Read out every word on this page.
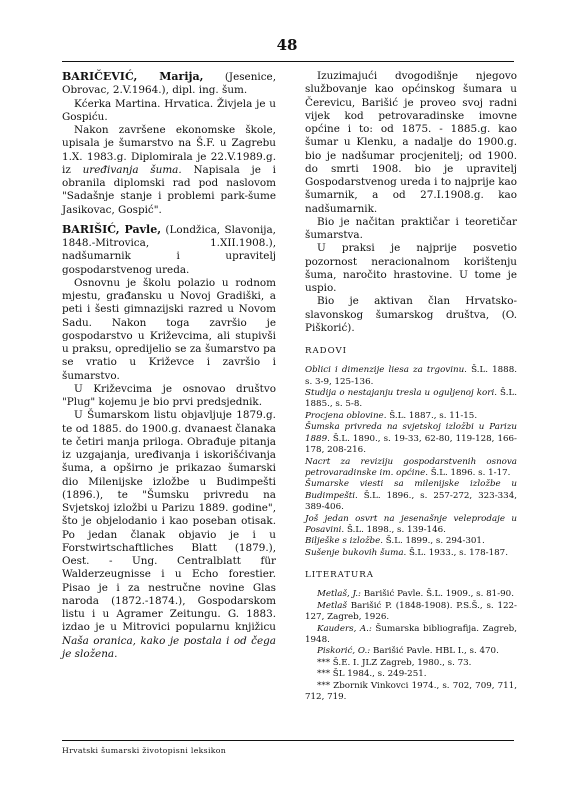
48

BARIČEVIĆ, Marija, (Jesenice, Obrovac, 2.V.1964.), dipl. ing. šum.

Kćerka Martina. Hrvatica. Živjela je u Gospiću.

Nakon završene ekonomske škole, upisala je šumarstvo na Š.F. u Zagrebu 1.X. 1983.g. Diplomirala je 22.V.1989.g. iz uređivanja šuma. Napisala je i obranila diplomski rad pod naslovom "Sadašnje stanje i problemi park-šume Jasikovac, Gospić".

BARIŠIĆ, Pavle, (Londžica, Slavonija, 1848.-Mitrovica, 1.XII.1908.), nadšumarnik i upravitelj gospodarstvenog ureda.

Osnovnu je školu polazio u rodnom mjestu, građansku u Novoj Gradiški, a peti i šesti gimnazijski razred u Novom Sadu. Nakon toga završio je gospodarstvo u Križevcima, ali stupivši u praksu, opredijelio se za šumarstvo pa se vratio u Križevce i završio i šumarstvo.

U Križevcima je osnovao društvo "Plug" kojemu je bio prvi predsjednik.

U Šumarskom listu objavljuje 1879.g. te od 1885. do 1900.g. dvanaest članaka te četiri manja priloga. Obrađuje pitanja iz uzgajanja, uređivanja i iskorišćivanja šuma, a opširno je prikazao šumarski dio Milenijske izložbe u Budimpešti (1896.), te "Šumsku privredu na Svjetskoj izložbi u Parizu 1889. godine", što je objelodanio i kao poseban otisak. Po jedan članak objavio je i u Forstwirtschaftliches Blatt (1879.), Oest. - Ung. Centralblatt für Walderzeugnisse i u Echo forestier. Pisao je i za nestručne novine Glas naroda (1872.-1874.), Gospodarskom listu i u Agramer Zeitungu. G. 1883. izdao je u Mitrovici popularnu knjižicu Naša oranica, kako je postala i od čega je složena.

Izuzimajući dvogodišnje njegovo službovanje kao općinskog šumara u Čerevicu, Barišić je proveo svoj radni vijek kod petrovaradinske imovne općine i to: od 1875. - 1885.g. kao šumar u Klenku, a nadalje do 1900.g. bio je nadšumar procjenitelj; od 1900. do smrti 1908. bio je upravitelj Gospodarstvenog ureda i to najprije kao šumarnik, a od 27.I.1908.g. kao nadšumarnik.

Bio je načitan praktičar i teoretičar šumarstva.

U praksi je najprije posvetio pozornost neracionalnom korištenju šuma, naročito hrastovine. U tome je uspio.

Bio je aktivan član Hrvatsko-slavonskog šumarskog društva, (O. Piškorić).

RADOVI

Oblici i dimenzije liesa za trgovinu. Š.L. 1888. s. 3-9, 125-136.

Studija o nestajanju tresla u oguljenoj kori. Š.L. 1885., s. 5-8.

Procjena oblovine. Š.L. 1887., s. 11-15.

Šumska privreda na svjetskoj izložbi u Parizu 1889. Š.L. 1890., s. 19-33, 62-80, 119-128, 166-178, 208-216.

Nacrt za reviziju gospodarstvenih osnova petrovaradinske im. općine. Š.L. 1896. s. 1-17.

Šumarske viesti sa milenijske izložbe u Budimpešti. Š.L. 1896., s. 257-272, 323-334, 389-406.

Još jedan osvrt na jesenašnje veleprodaje u Posavini. Š.L. 1898., s. 139-146.

Bilješke s izložbe. Š.L. 1899., s. 294-301.

Sušenje bukovih šuma. Š.L. 1933., s. 178-187.

LITERATURA

Metlaš, J.: Barišić Pavle. Š.L. 1909., s. 81-90.

Metlaš Barišić P. (1848-1908). P.S.Š., s. 122-127, Zagreb, 1926.

Kauders, A.: Šumarska bibliografija. Zagreb, 1948.

Piskorić, O.: Barišić Pavle. HBL I., s. 470.

*** Š.E. I. JLZ Zagreb, 1980., s. 73.

*** ŠL 1984., s. 249-251.

*** Zbornik Vinkovci 1974., s. 702, 709, 711, 712, 719.

Hrvatski šumarski životopisni leksikon
